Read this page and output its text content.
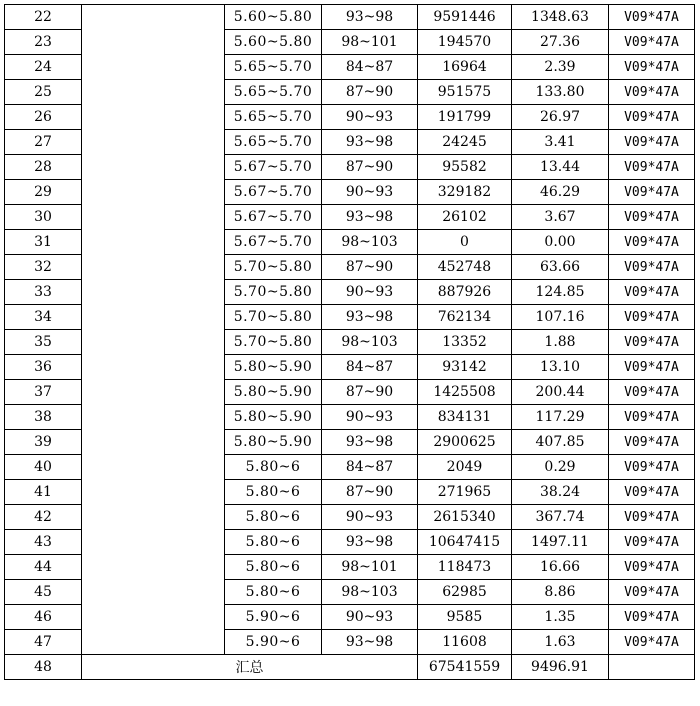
22		5.60~5.80	93~98	9591446	1348.63	V09*47A
23		5.60~5.80	98~101	194570	27.36	V09*47A
24		5.65~5.70	84~87	16964	2.39	V09*47A
25		5.65~5.70	87~90	951575	133.80	V09*47A
26		5.65~5.70	90~93	191799	26.97	V09*47A
27		5.65~5.70	93~98	24245	3.41	V09*47A
28		5.67~5.70	87~90	95582	13.44	V09*47A
29		5.67~5.70	90~93	329182	46.29	V09*47A
30		5.67~5.70	93~98	26102	3.67	V09*47A
31		5.67~5.70	98~103	0	0.00	V09*47A
32		5.70~5.80	87~90	452748	63.66	V09*47A
33		5.70~5.80	90~93	887926	124.85	V09*47A
34		5.70~5.80	93~98	762134	107.16	V09*47A
35		5.70~5.80	98~103	13352	1.88	V09*47A
36		5.80~5.90	84~87	93142	13.10	V09*47A
37		5.80~5.90	87~90	1425508	200.44	V09*47A
38		5.80~5.90	90~93	834131	117.29	V09*47A
39		5.80~5.90	93~98	2900625	407.85	V09*47A
40		5.80~6	84~87	2049	0.29	V09*47A
41		5.80~6	87~90	271965	38.24	V09*47A
42		5.80~6	90~93	2615340	367.74	V09*47A
43		5.80~6	93~98	10647415	1497.11	V09*47A
44		5.80~6	98~101	118473	16.66	V09*47A
45		5.80~6	98~103	62985	8.86	V09*47A
46		5.90~6	90~93	9585	1.35	V09*47A
47		5.90~6	93~98	11608	1.63	V09*47A
48	汇总			67541559	9496.91	
